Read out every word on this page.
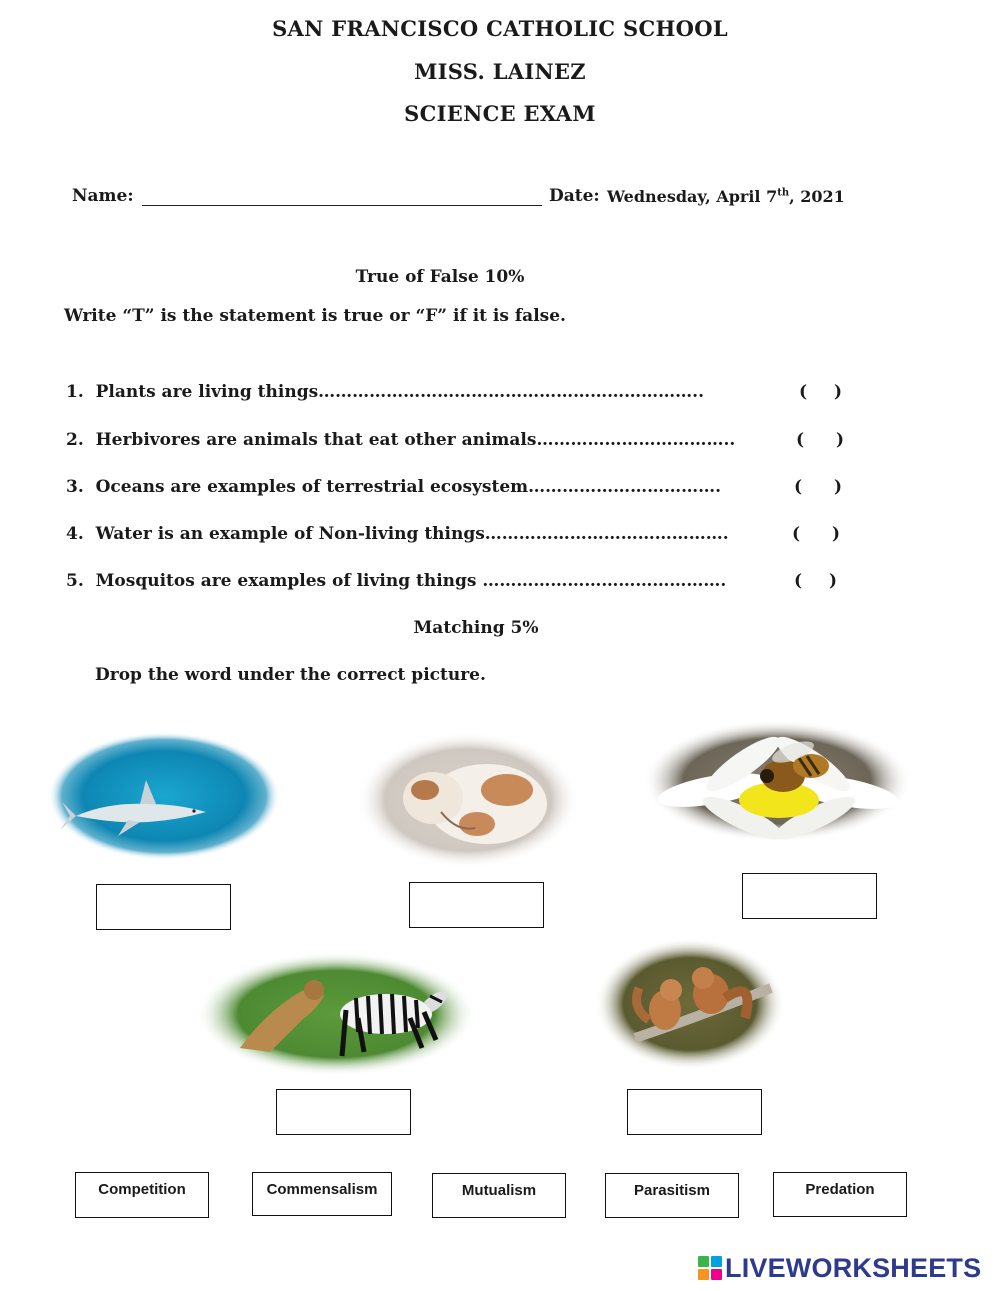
SAN FRANCISCO CATHOLIC SCHOOL
MISS. LAINEZ
SCIENCE EXAM
Name:	Date: Wednesday, April 7th, 2021
True of False 10%
Write “T” is the statement is true or “F” if it is false.
1. Plants are living things…………………………………………………………..	( )
2. Herbivores are animals that eat other animals……………………………..	( )
3. Oceans are examples of terrestrial ecosystem…………………………….	( )
4. Water is an example of Non-living things…………………………………….	( )
5. Mosquitos are examples of living things …………………………………….	( )
Matching 5%
Drop the word under the correct picture.
Competition	Commensalism	Mutualism	Parasitism	Predation
LIVEWORKSHEETS
